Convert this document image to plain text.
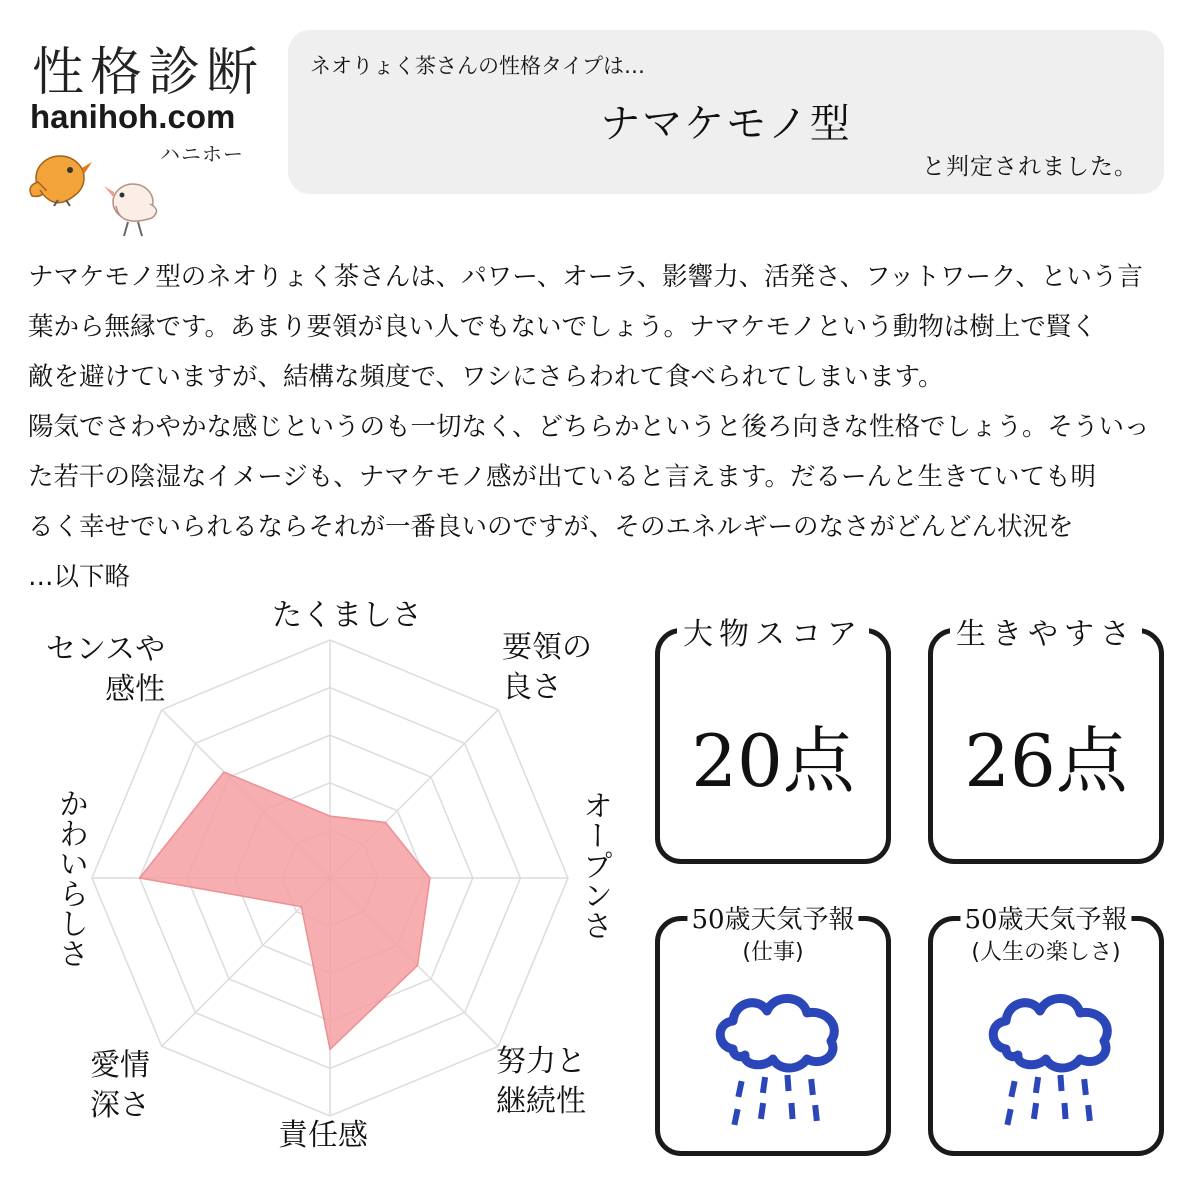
性格診断
hanihoh.com
ハニホー
ネオりょく茶さんの性格タイプは…
ナマケモノ型
と判定されました。
ナマケモノ型のネオりょく茶さんは、パワー、オーラ、影響力、活発さ、フットワーク、という言
葉から無縁です。あまり要領が良い人でもないでしょう。ナマケモノという動物は樹上で賢く
敵を避けていますが、結構な頻度で、ワシにさらわれて食べられてしまいます。
陽気でさわやかな感じというのも一切なく、どちらかというと後ろ向きな性格でしょう。そういっ
た若干の陰湿なイメージも、ナマケモノ感が出ていると言えます。だるーんと生きていても明
るく幸せでいられるならそれが一番良いのですが、そのエネルギーのなさがどんどん状況を
…以下略
たくましさ
要領の
良さ
オープンさ
努力と
継続性
責任感
愛情
深さ
かわいらしさ
センスや
感性
大物スコア
20点
生きやすさ
26点
50歳天気予報
(仕事)
50歳天気予報
(人生の楽しさ)
